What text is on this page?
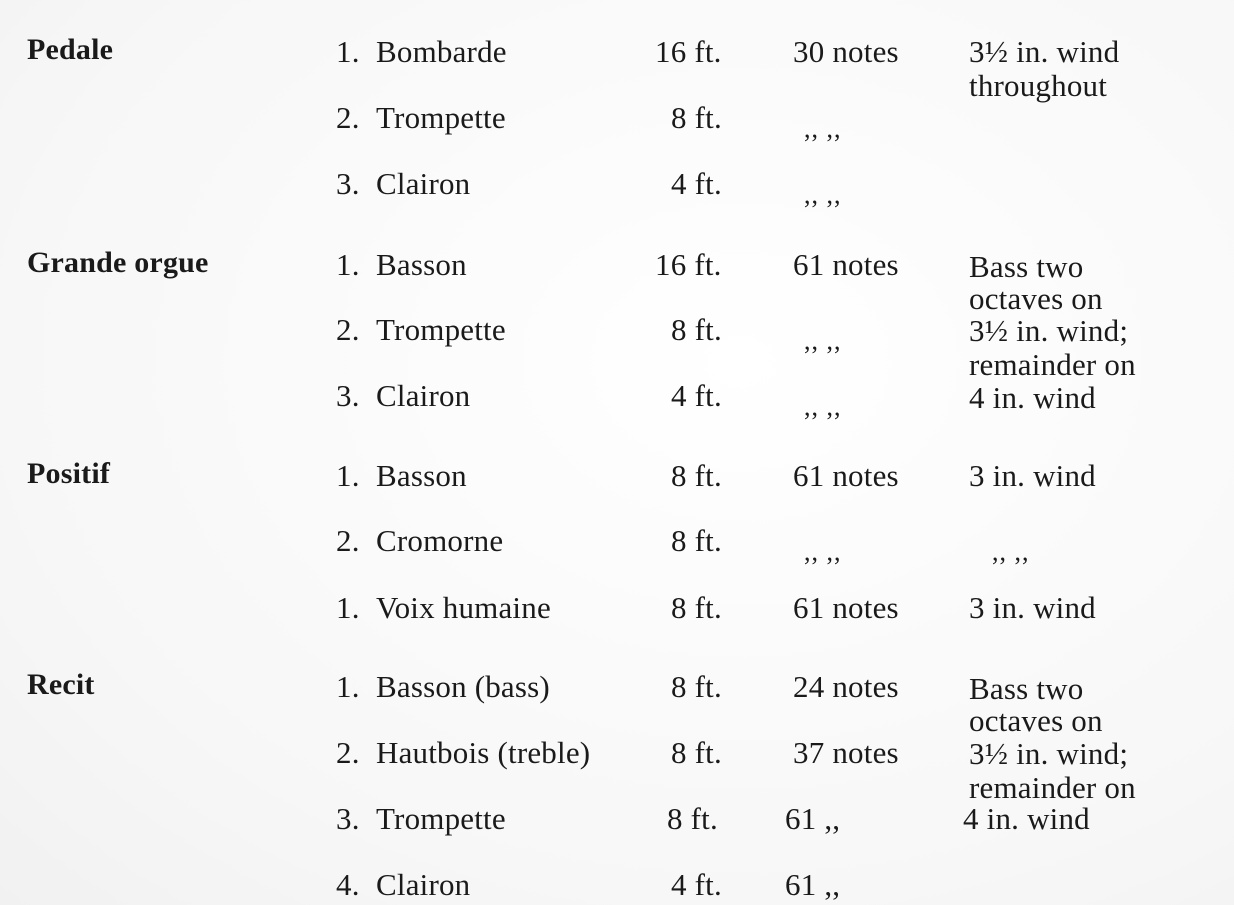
Pedale	1. Bombarde	16 ft. 30 notes 3½ in. wind
throughout
2. Trompette	8 ft.	,, ,,
3. Clairon	4 ft.	,, ,,
Grande orgue	1. Basson	16 ft. 61 notes Bass two
octaves on
2. Trompette	8 ft.	,, ,,	3½ in. wind;
remainder on
3. Clairon	4 ft.	,, ,,	4 in. wind
Positif	1. Basson	8 ft. 61 notes 3 in. wind
2. Cromorne	8 ft.	,, ,,	,, ,,
1. Voix humaine	8 ft. 61 notes 3 in. wind
Recit	1. Basson (bass)	8 ft. 24 notes Bass two
octaves on
2. Hautbois (treble)	8 ft. 37 notes 3½ in. wind;
remainder on
3. Trompette	8 ft. 61 ,,	4 in. wind
4. Clairon	4 ft. 61 ,,
